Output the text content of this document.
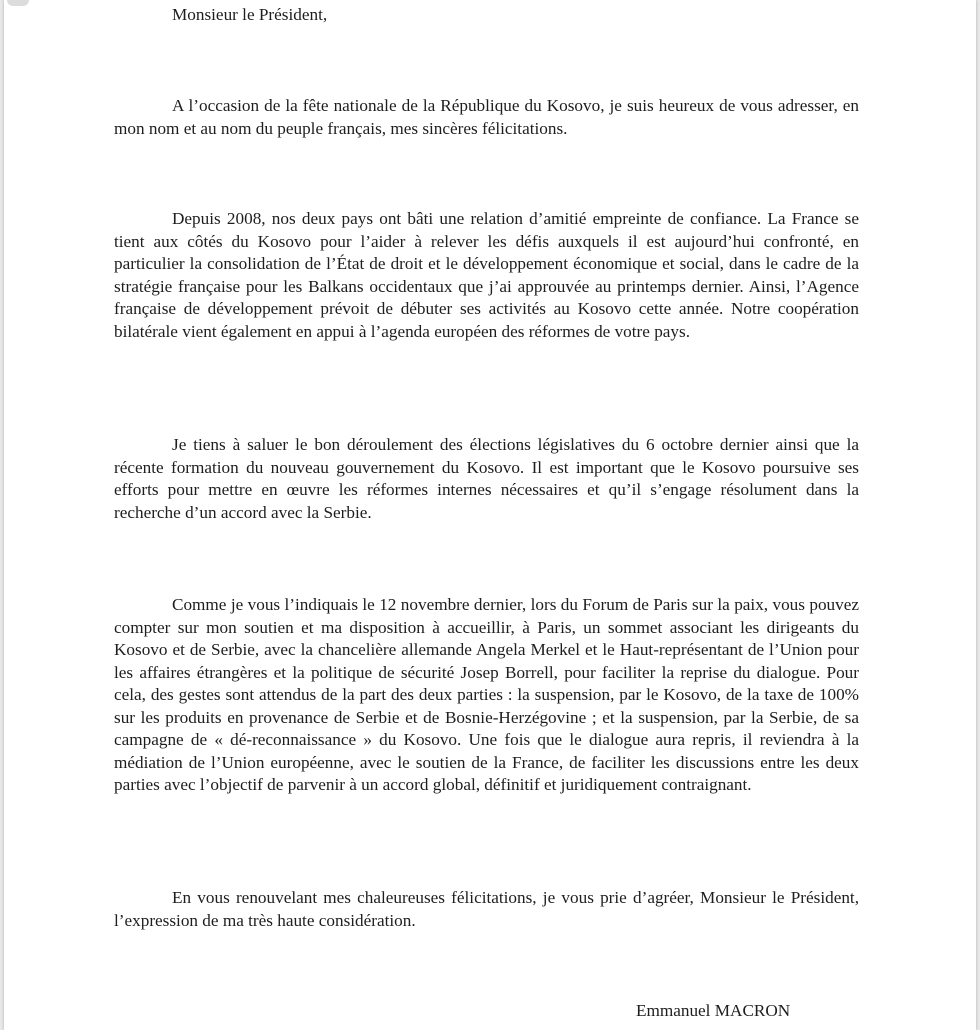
Monsieur le Président,

A l’occasion de la fête nationale de la République du Kosovo, je suis heureux de vous adresser, en mon nom et au nom du peuple français, mes sincères félicitations.

Depuis 2008, nos deux pays ont bâti une relation d’amitié empreinte de confiance. La France se tient aux côtés du Kosovo pour l’aider à relever les défis auxquels il est aujourd’hui confronté, en particulier la consolidation de l’État de droit et le développement économique et social, dans le cadre de la stratégie française pour les Balkans occidentaux que j’ai approuvée au printemps dernier. Ainsi, l’Agence française de développement prévoit de débuter ses activités au Kosovo cette année. Notre coopération bilatérale vient également en appui à l’agenda européen des réformes de votre pays.

Je tiens à saluer le bon déroulement des élections législatives du 6 octobre dernier ainsi que la récente formation du nouveau gouvernement du Kosovo. Il est important que le Kosovo poursuive ses efforts pour mettre en œuvre les réformes internes nécessaires et qu’il s’engage résolument dans la recherche d’un accord avec la Serbie.

Comme je vous l’indiquais le 12 novembre dernier, lors du Forum de Paris sur la paix, vous pouvez compter sur mon soutien et ma disposition à accueillir, à Paris, un sommet associant les dirigeants du Kosovo et de Serbie, avec la chancelière allemande Angela Merkel et le Haut-représentant de l’Union pour les affaires étrangères et la politique de sécurité Josep Borrell, pour faciliter la reprise du dialogue. Pour cela, des gestes sont attendus de la part des deux parties : la suspension, par le Kosovo, de la taxe de 100% sur les produits en provenance de Serbie et de Bosnie-Herzégovine ; et la suspension, par la Serbie, de sa campagne de « dé-reconnaissance » du Kosovo. Une fois que le dialogue aura repris, il reviendra à la médiation de l’Union européenne, avec le soutien de la France, de faciliter les discussions entre les deux parties avec l’objectif de parvenir à un accord global, définitif et juridiquement contraignant.

En vous renouvelant mes chaleureuses félicitations, je vous prie d’agréer, Monsieur le Président, l’expression de ma très haute considération.

Emmanuel MACRON
